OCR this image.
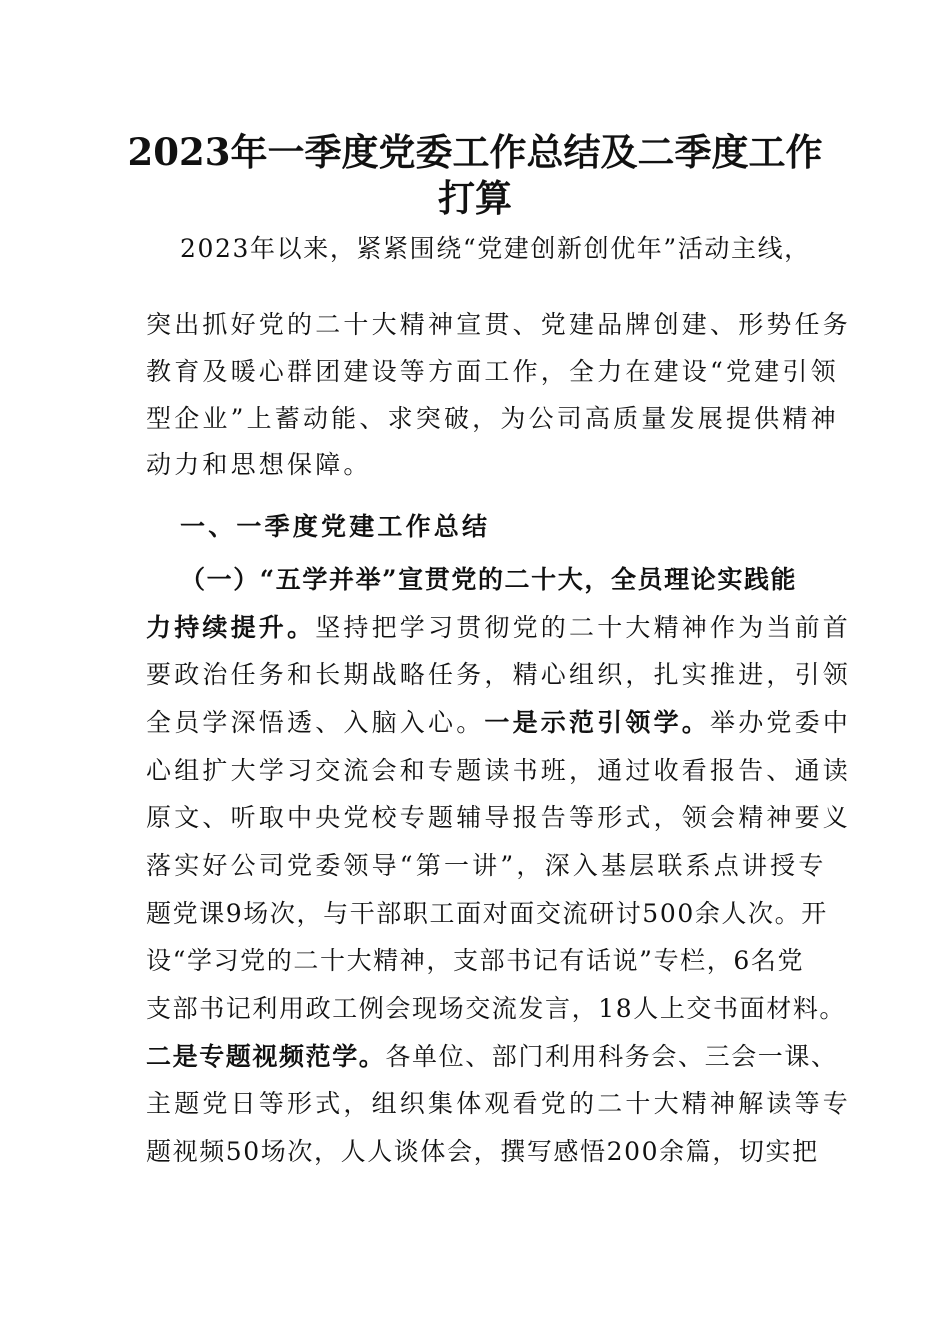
2023年一季度党委工作总结及二季度工作
打算
2023年以来，紧紧围绕“党建创新创优年”活动主线，
突出抓好党的二十大精神宣贯、党建品牌创建、形势任务
教育及暖心群团建设等方面工作，全力在建设“党建引领
型企业”上蓄动能、求突破，为公司高质量发展提供精神
动力和思想保障。
一、一季度党建工作总结
（一）“五学并举”宣贯党的二十大，全员理论实践能
力持续提升。坚持把学习贯彻党的二十大精神作为当前首
要政治任务和长期战略任务，精心组织，扎实推进，引领
全员学深悟透、入脑入心。一是示范引领学。举办党委中
心组扩大学习交流会和专题读书班，通过收看报告、通读
原文、听取中央党校专题辅导报告等形式，领会精神要义
落实好公司党委领导“第一讲”，深入基层联系点讲授专
题党课9场次，与干部职工面对面交流研讨500余人次。开
设“学习党的二十大精神，支部书记有话说”专栏，6名党
支部书记利用政工例会现场交流发言，18人上交书面材料。
二是专题视频范学。各单位、部门利用科务会、三会一课、
主题党日等形式，组织集体观看党的二十大精神解读等专
题视频50场次，人人谈体会，撰写感悟200余篇，切实把
